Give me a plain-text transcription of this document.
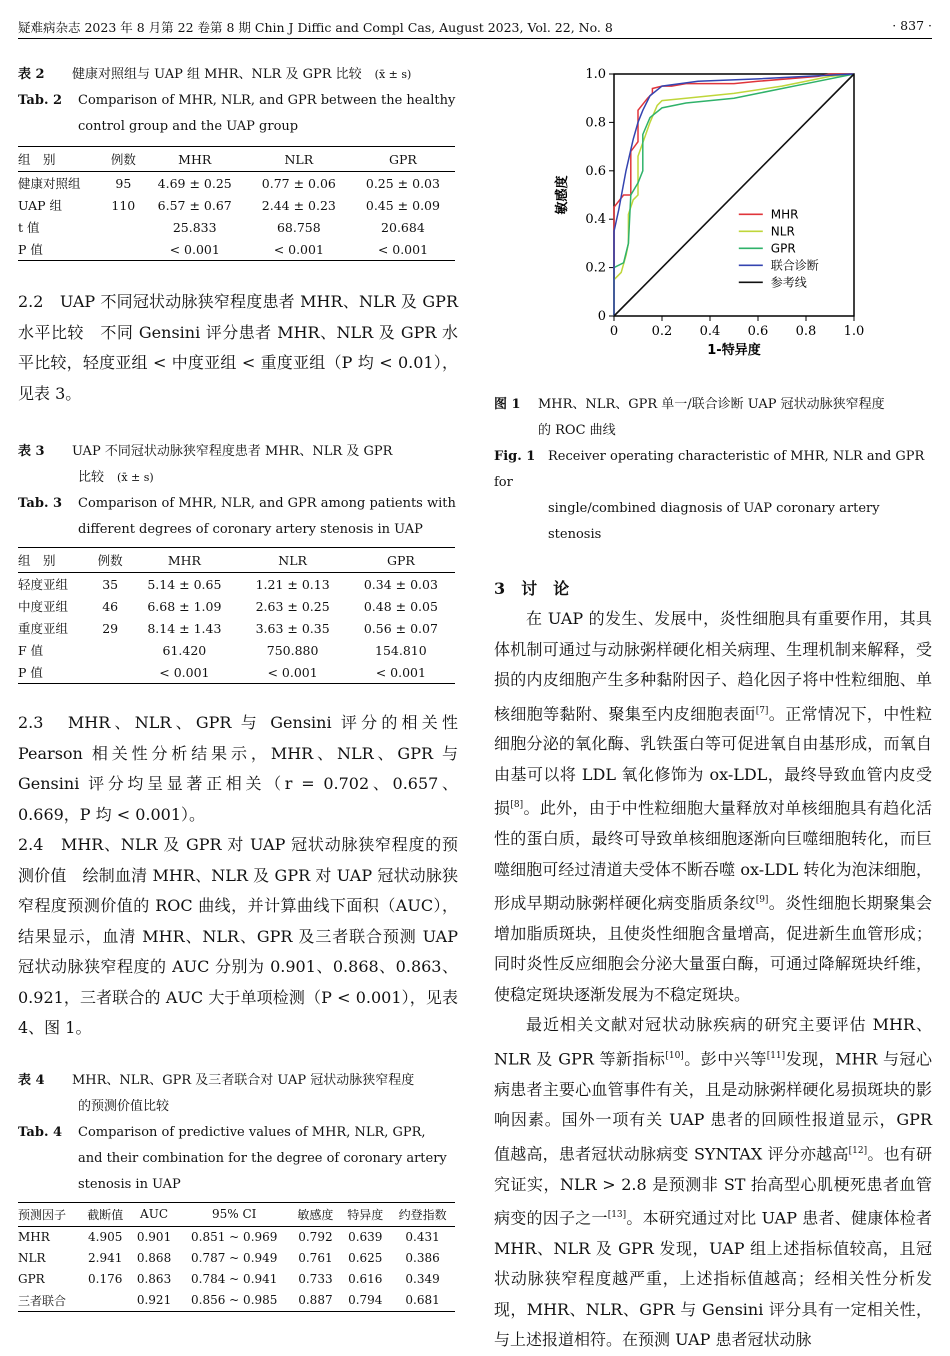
疑难病杂志 2023 年 8 月第 22 卷第 8 期 Chin J Diffic and Compl Cas, August 2023, Vol. 22, No. 8	· 837 ·
表 2 健康对照组与 UAP 组 MHR、NLR 及 GPR 比较　 (x̄ ± s)
Tab. 2 Comparison of MHR, NLR, and GPR between the healthy
control group and the UAP group
组　别	例数	MHR	NLR	GPR
健康对照组	95	4.69 ± 0.25	0.77 ± 0.06	0.25 ± 0.03
UAP 组	110	6.57 ± 0.67	2.44 ± 0.23	0.45 ± 0.09
t 值		25.833	68.758	20.684
P 值		< 0.001	< 0.001	< 0.001

2.2　UAP 不同冠状动脉狭窄程度患者 MHR、NLR 及 GPR 水平比较　不同 Gensini 评分患者 MHR、NLR 及 GPR 水平比较，轻度亚组 < 中度亚组 < 重度亚组（P 均 < 0.01），见表 3。

表 3 UAP 不同冠状动脉狭窄程度患者 MHR、NLR 及 GPR
比较　 (x̄ ± s)
Tab. 3 Comparison of MHR, NLR, and GPR among patients with
different degrees of coronary artery stenosis in UAP
组　别	例数	MHR	NLR	GPR
轻度亚组	35	5.14 ± 0.65	1.21 ± 0.13	0.34 ± 0.03
中度亚组	46	6.68 ± 1.09	2.63 ± 0.25	0.48 ± 0.05
重度亚组	29	8.14 ± 1.43	3.63 ± 0.35	0.56 ± 0.07
F 值		61.420	750.880	154.810
P 值		< 0.001	< 0.001	< 0.001

2.3　MHR、NLR、GPR 与 Gensini 评分的相关性　Pearson 相关性分析结果示，MHR、NLR、GPR 与 Gensini 评分均呈显著正相关（r = 0.702、0.657、0.669，P 均 < 0.001）。

2.4　MHR、NLR 及 GPR 对 UAP 冠状动脉狭窄程度的预测价值　绘制血清 MHR、NLR 及 GPR 对 UAP 冠状动脉狭窄程度预测价值的 ROC 曲线，并计算曲线下面积（AUC），结果显示，血清 MHR、NLR、GPR 及三者联合预测 UAP 冠状动脉狭窄程度的 AUC 分别为 0.901、0.868、0.863、0.921，三者联合的 AUC 大于单项检测（P < 0.001），见表 4、图 1。

表 4 MHR、NLR、GPR 及三者联合对 UAP 冠状动脉狭窄程度
的预测价值比较
Tab. 4 Comparison of predictive values of MHR, NLR, GPR,
and their combination for the degree of coronary artery
stenosis in UAP
预测因子	截断值	AUC	95% CI	敏感度	特异度	约登指数
MHR	4.905	0.901	0.851 ~ 0.969	0.792	0.639	0.431
NLR	2.941	0.868	0.787 ~ 0.949	0.761	0.625	0.386
GPR	0.176	0.863	0.784 ~ 0.941	0.733	0.616	0.349
三者联合		0.921	0.856 ~ 0.985	0.887	0.794	0.681
0
0
0.2
0.2
0.4
0.4
0.6
0.6
0.8
0.8
1.0
1.0
1-特异度
敏感度	MHR
NLR
GPR
联合诊断
参考线
图 1 MHR、NLR、GPR 单一/联合诊断 UAP 冠状动脉狭窄程度
的 ROC 曲线
Fig. 1 Receiver operating characteristic of MHR, NLR and GPR for
single/combined diagnosis of UAP coronary artery stenosis
3　讨　论

在 UAP 的发生、发展中，炎性细胞具有重要作用，其具体机制可通过与动脉粥样硬化相关病理、生理机制来解释，受损的内皮细胞产生多种黏附因子、趋化因子将中性粒细胞、单核细胞等黏附、聚集至内皮细胞表面[7]。正常情况下，中性粒细胞分泌的氧化酶、乳铁蛋白等可促进氧自由基形成，而氧自由基可以将 LDL 氧化修饰为 ox-LDL，最终导致血管内皮受损[8]。此外，由于中性粒细胞大量释放对单核细胞具有趋化活性的蛋白质，最终可导致单核细胞逐渐向巨噬细胞转化，而巨噬细胞可经过清道夫受体不断吞噬 ox-LDL 转化为泡沫细胞，形成早期动脉粥样硬化病变脂质条纹[9]。炎性细胞长期聚集会增加脂质斑块，且使炎性细胞含量增高，促进新生血管形成；同时炎性反应细胞会分泌大量蛋白酶，可通过降解斑块纤维，使稳定斑块逐渐发展为不稳定斑块。

最近相关文献对冠状动脉疾病的研究主要评估 MHR、NLR 及 GPR 等新指标[10]。彭中兴等[11]发现，MHR 与冠心病患者主要心血管事件有关，且是动脉粥样硬化易损斑块的影响因素。国外一项有关 UAP 患者的回顾性报道显示，GPR 值越高，患者冠状动脉病变 SYNTAX 评分亦越高[12]。也有研究证实，NLR > 2.8 是预测非 ST 抬高型心肌梗死患者血管病变的因子之一[13]。本研究通过对比 UAP 患者、健康体检者 MHR、NLR 及 GPR 发现，UAP 组上述指标值较高，且冠状动脉狭窄程度越严重，上述指标值越高；经相关性分析发现，MHR、NLR、GPR 与 Gensini 评分具有一定相关性，与上述报道相符。在预测 UAP 患者冠状动脉
